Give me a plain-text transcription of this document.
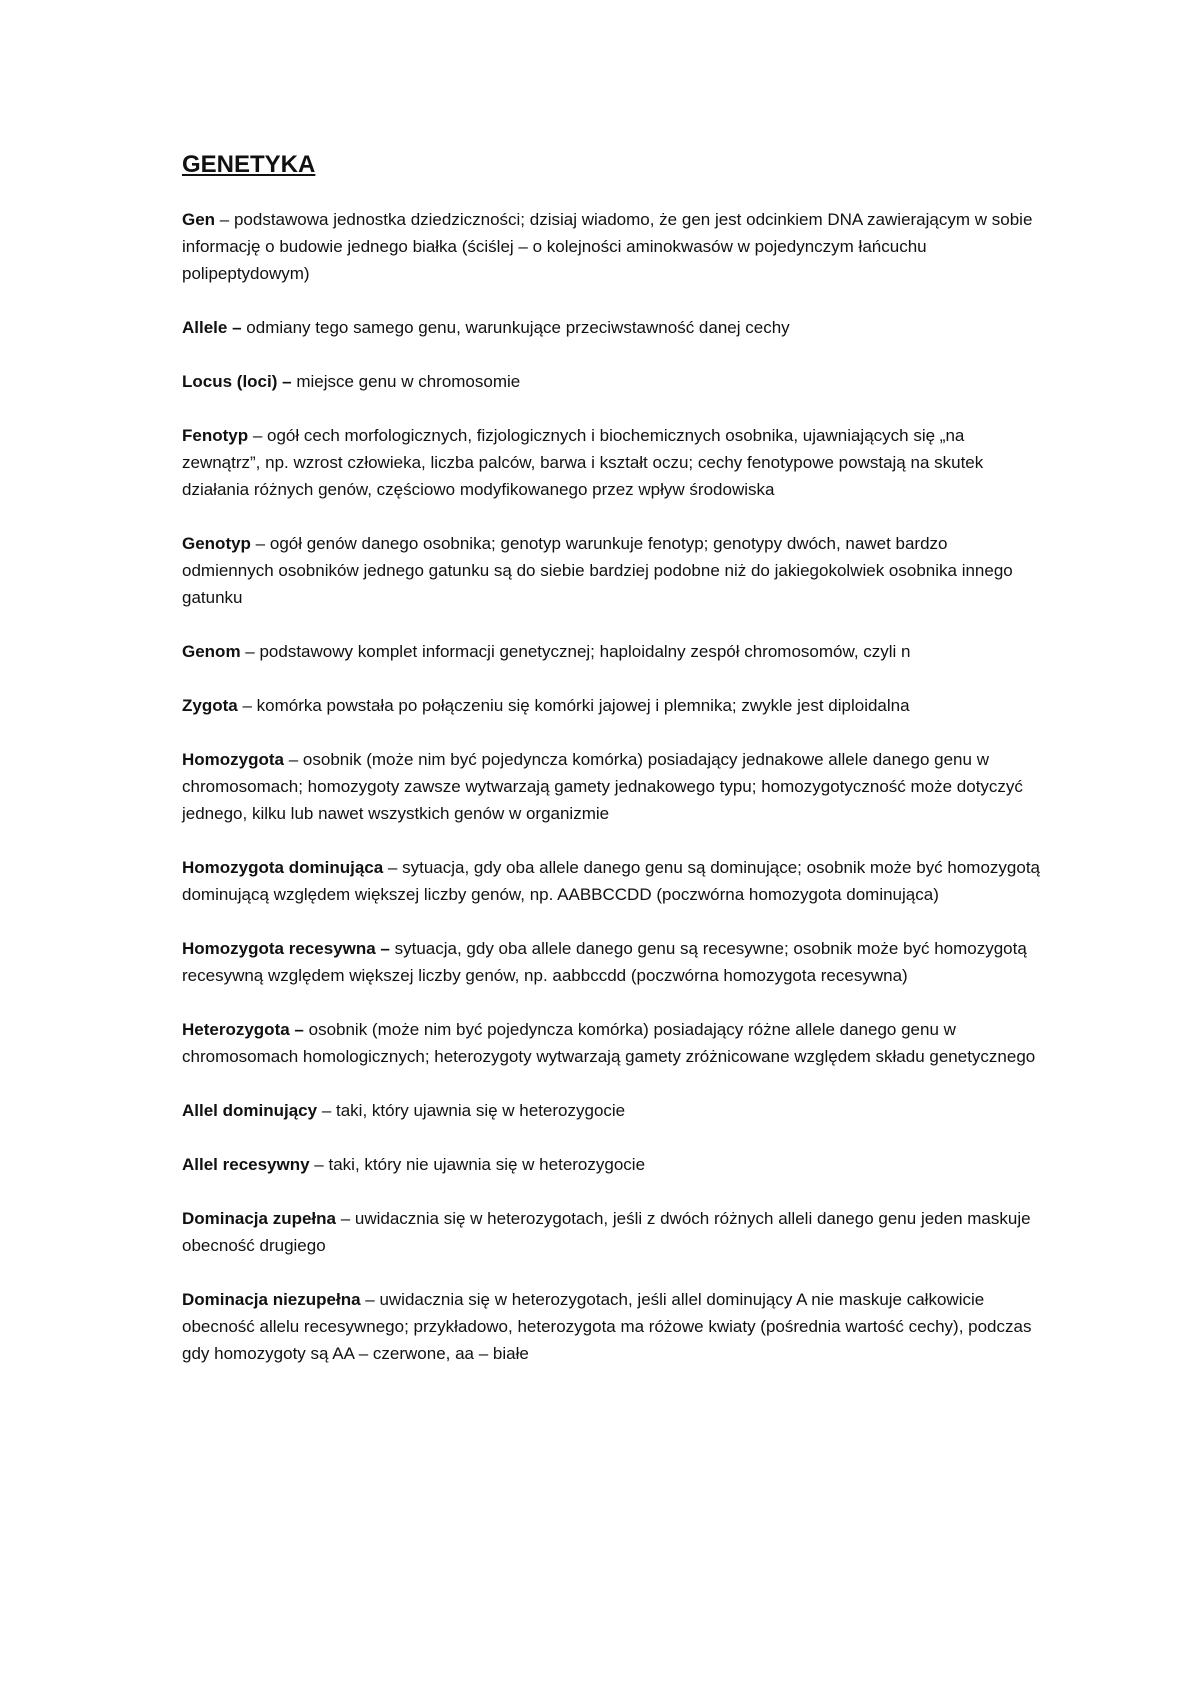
GENETYKA

Gen – podstawowa jednostka dziedziczności; dzisiaj wiadomo, że gen jest odcinkiem DNA zawierającym w sobie informację o budowie jednego białka (ściślej – o kolejności aminokwasów w pojedynczym łańcuchu polipeptydowym)

Allele – odmiany tego samego genu, warunkujące przeciwstawność danej cechy

Locus (loci) – miejsce genu w chromosomie

Fenotyp – ogół cech morfologicznych, fizjologicznych i biochemicznych osobnika, ujawniających się „na zewnątrz”, np. wzrost człowieka, liczba palców, barwa i kształt oczu; cechy fenotypowe powstają na skutek działania różnych genów, częściowo modyfikowanego przez wpływ środowiska

Genotyp – ogół genów danego osobnika; genotyp warunkuje fenotyp; genotypy dwóch, nawet bardzo odmiennych osobników jednego gatunku są do siebie bardziej podobne niż do jakiegokolwiek osobnika innego gatunku

Genom – podstawowy komplet informacji genetycznej; haploidalny zespół chromosomów, czyli n

Zygota – komórka powstała po połączeniu się komórki jajowej i plemnika; zwykle jest diploidalna

Homozygota – osobnik (może nim być pojedyncza komórka) posiadający jednakowe allele danego genu w chromosomach; homozygoty zawsze wytwarzają gamety jednakowego typu; homozygotyczność może dotyczyć jednego, kilku lub nawet wszystkich genów w organizmie

Homozygota dominująca – sytuacja, gdy oba allele danego genu są dominujące; osobnik może być homozygotą dominującą względem większej liczby genów, np. AABBCCDD (poczwórna homozygota dominująca)

Homozygota recesywna – sytuacja, gdy oba allele danego genu są recesywne; osobnik może być homozygotą recesywną względem większej liczby genów, np. aabbccdd (poczwórna homozygota recesywna)

Heterozygota – osobnik (może nim być pojedyncza komórka) posiadający różne allele danego genu w chromosomach homologicznych; heterozygoty wytwarzają gamety zróżnicowane względem składu genetycznego

Allel dominujący – taki, który ujawnia się w heterozygocie

Allel recesywny – taki, który nie ujawnia się w heterozygocie

Dominacja zupełna – uwidacznia się w heterozygotach, jeśli z dwóch różnych alleli danego genu jeden maskuje obecność drugiego

Dominacja niezupełna – uwidacznia się w heterozygotach, jeśli allel dominujący A nie maskuje całkowicie obecność allelu recesywnego; przykładowo, heterozygota ma różowe kwiaty (pośrednia wartość cechy), podczas gdy homozygoty są AA – czerwone, aa – białe
